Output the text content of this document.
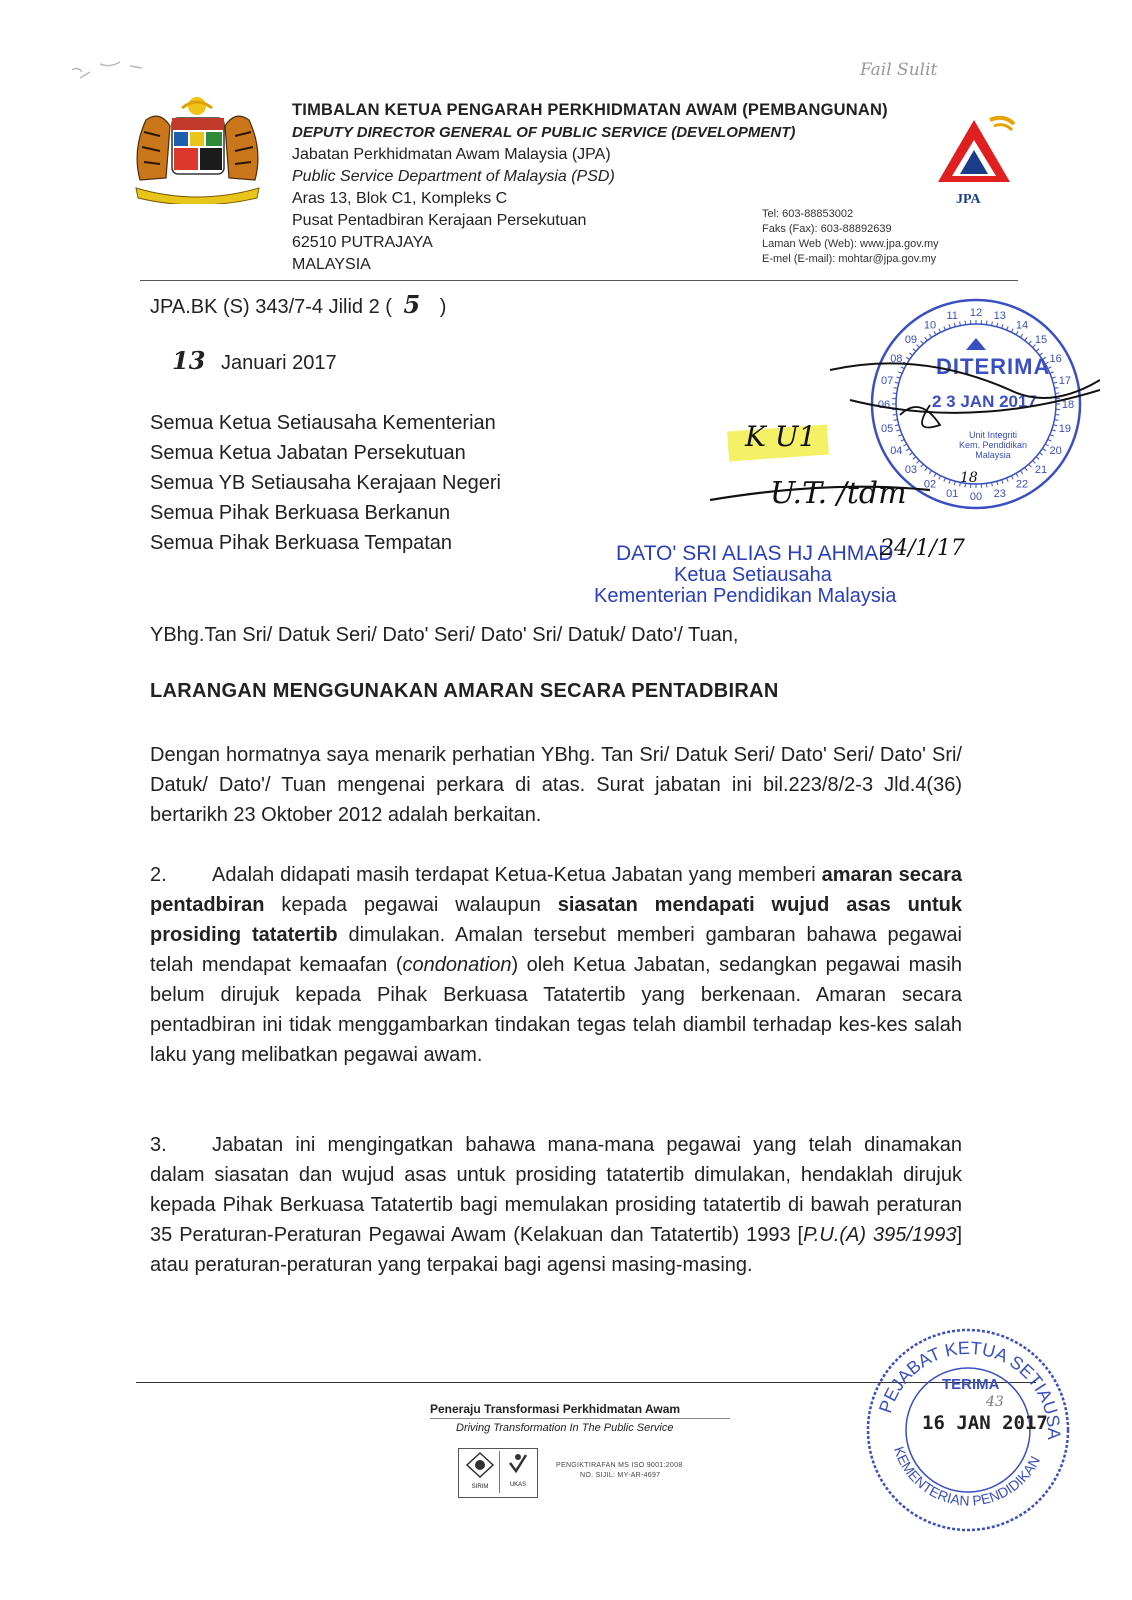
Fail Sulit
TIMBALAN KETUA PENGARAH PERKHIDMATAN AWAM (PEMBANGUNAN)
DEPUTY DIRECTOR GENERAL OF PUBLIC SERVICE (DEVELOPMENT)
Jabatan Perkhidmatan Awam Malaysia (JPA)
Public Service Department of Malaysia (PSD)
Aras 13, Blok C1, Kompleks C
Pusat Pentadbiran Kerajaan Persekutuan
62510 PUTRAJAYA
MALAYSIA
JPA
Tel: 603-88853002
Faks (Fax): 603-88892639
Laman Web (Web): www.jpa.gov.my
E-mel (E-mail): mohtar@jpa.gov.my
JPA.BK (S) 343/7-4 Jilid 2 ( 5 )
13 Januari 2017
Semua Ketua Setiausaha Kementerian
Semua Ketua Jabatan Persekutuan
Semua YB Setiausaha Kerajaan Negeri
Semua Pihak Berkuasa Berkanun
Semua Pihak Berkuasa Tempatan
08
09
10
11 12 13
14
15
16
17
18
19
20
21
22
23
00
01
02
03
04
05
06
07
DITERIMA
2 3 JAN 2017
Unit Integriti
Kem. Pendidikan
Malaysia
K U1
U.T. /tdm	18
DATO' SRI ALIAS HJ AHMAD
Ketua Setiausaha
Kementerian Pendidikan Malaysia
24/1/17
YBhg.Tan Sri/ Datuk Seri/ Dato' Seri/ Dato' Sri/ Datuk/ Dato'/ Tuan,
LARANGAN MENGGUNAKAN AMARAN SECARA PENTADBIRAN
Dengan hormatnya saya menarik perhatian YBhg. Tan Sri/ Datuk Seri/ Dato' Seri/ Dato' Sri/ Datuk/ Dato'/ Tuan mengenai perkara di atas. Surat jabatan ini bil.223/8/2-3 Jld.4(36) bertarikh 23 Oktober 2012 adalah berkaitan.
2. Adalah didapati masih terdapat Ketua-Ketua Jabatan yang memberi amaran secara pentadbiran kepada pegawai walaupun siasatan mendapati wujud asas untuk prosiding tatatertib dimulakan. Amalan tersebut memberi gambaran bahawa pegawai telah mendapat kemaafan (condonation) oleh Ketua Jabatan, sedangkan pegawai masih belum dirujuk kepada Pihak Berkuasa Tatatertib yang berkenaan. Amaran secara pentadbiran ini tidak menggambarkan tindakan tegas telah diambil terhadap kes-kes salah laku yang melibatkan pegawai awam.
3. Jabatan ini mengingatkan bahawa mana-mana pegawai yang telah dinamakan dalam siasatan dan wujud asas untuk prosiding tatatertib dimulakan, hendaklah dirujuk kepada Pihak Berkuasa Tatatertib bagi memulakan prosiding tatatertib di bawah peraturan 35 Peraturan-Peraturan Pegawai Awam (Kelakuan dan Tatatertib) 1993 [P.U.(A) 395/1993] atau peraturan-peraturan yang terpakai bagi agensi masing-masing.
Peneraju Transformasi Perkhidmatan Awam
Driving Transformation In The Public Service
SIRIM	UKAS
PENGIKTIRAFAN MS ISO 9001:2008
NO. SIJIL: MY-AR-4697
PEJABAT KETUA SETIAUSA
KEMENTERIAN PENDIDIKAN
TERIMA
43
16 JAN 2017
